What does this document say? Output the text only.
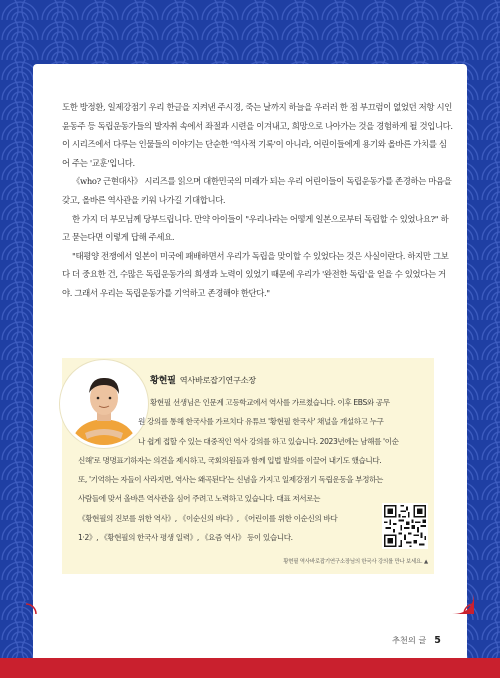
도한 방정환, 일제강점기 우리 한글을 지켜낸 주시경, 죽는 날까지 하늘을 우러러 한 점 부끄럼이 없었던 저항 시인 윤동주 등 독립운동가들의 발자취 속에서 좌절과 시련을 이겨내고, 희망으로 나아가는 것을 경험하게 될 것입니다. 이 시리즈에서 다루는 인물들의 이야기는 단순한 '역사적 기록'이 아니라, 어린이들에게 용기와 올바른 가치를 심어 주는 '교훈'입니다.

《who? 근현대사》 시리즈를 읽으며 대한민국의 미래가 되는 우리 어린이들이 독립운동가를 존경하는 마음을 갖고, 올바른 역사관을 키워 나가길 기대합니다.

한 가지 더 부모님께 당부드립니다. 만약 아이들이 "우리나라는 어떻게 일본으로부터 독립할 수 있었나요?" 하고 묻는다면 이렇게 답해 주세요.

"태평양 전쟁에서 일본이 미국에 패배하면서 우리가 독립을 맞이할 수 있었다는 것은 사실이란다. 하지만 그보다 더 중요한 건, 수많은 독립운동가의 희생과 노력이 있었기 때문에 우리가 '완전한 독립'을 얻을 수 있었다는 거야. 그래서 우리는 독립운동가를 기억하고 존경해야 한단다."

황현필 역사바로잡기연구소장
황현필 선생님은 인문계 고등학교에서 역사를 가르쳤습니다. 이후 EBS와 공무
원 강의를 통해 한국사를 가르치다 유튜브 '황현필 한국사' 채널을 개설하고 누구
나 쉽게 접할 수 있는 대중적인 역사 강의를 하고 있습니다. 2023년에는 남해를 '이순
신해'로 명명표기하자는 의견을 제시하고, 국회의원들과 함께 입법 발의를 이끌어 내기도 했습니다.
또, '기억하는 자들이 사라지면, 역사는 왜곡된다'는 신념을 가지고 일제강점기 독립운동을 부정하는
사람들에 맞서 올바른 역사관을 심어 주려고 노력하고 있습니다. 대표 저서로는
《황현필의 진보를 위한 역사》, 《이순신의 바다》, 《어린이를 위한 이순신의 바다
1·2》, 《황현필의 한국사 평생 일력》, 《요즘 역사》 등이 있습니다.
황현필 역사바로잡기연구소장님의 한국사 강의를 만나 보세요. ▲
추천의 글 5
